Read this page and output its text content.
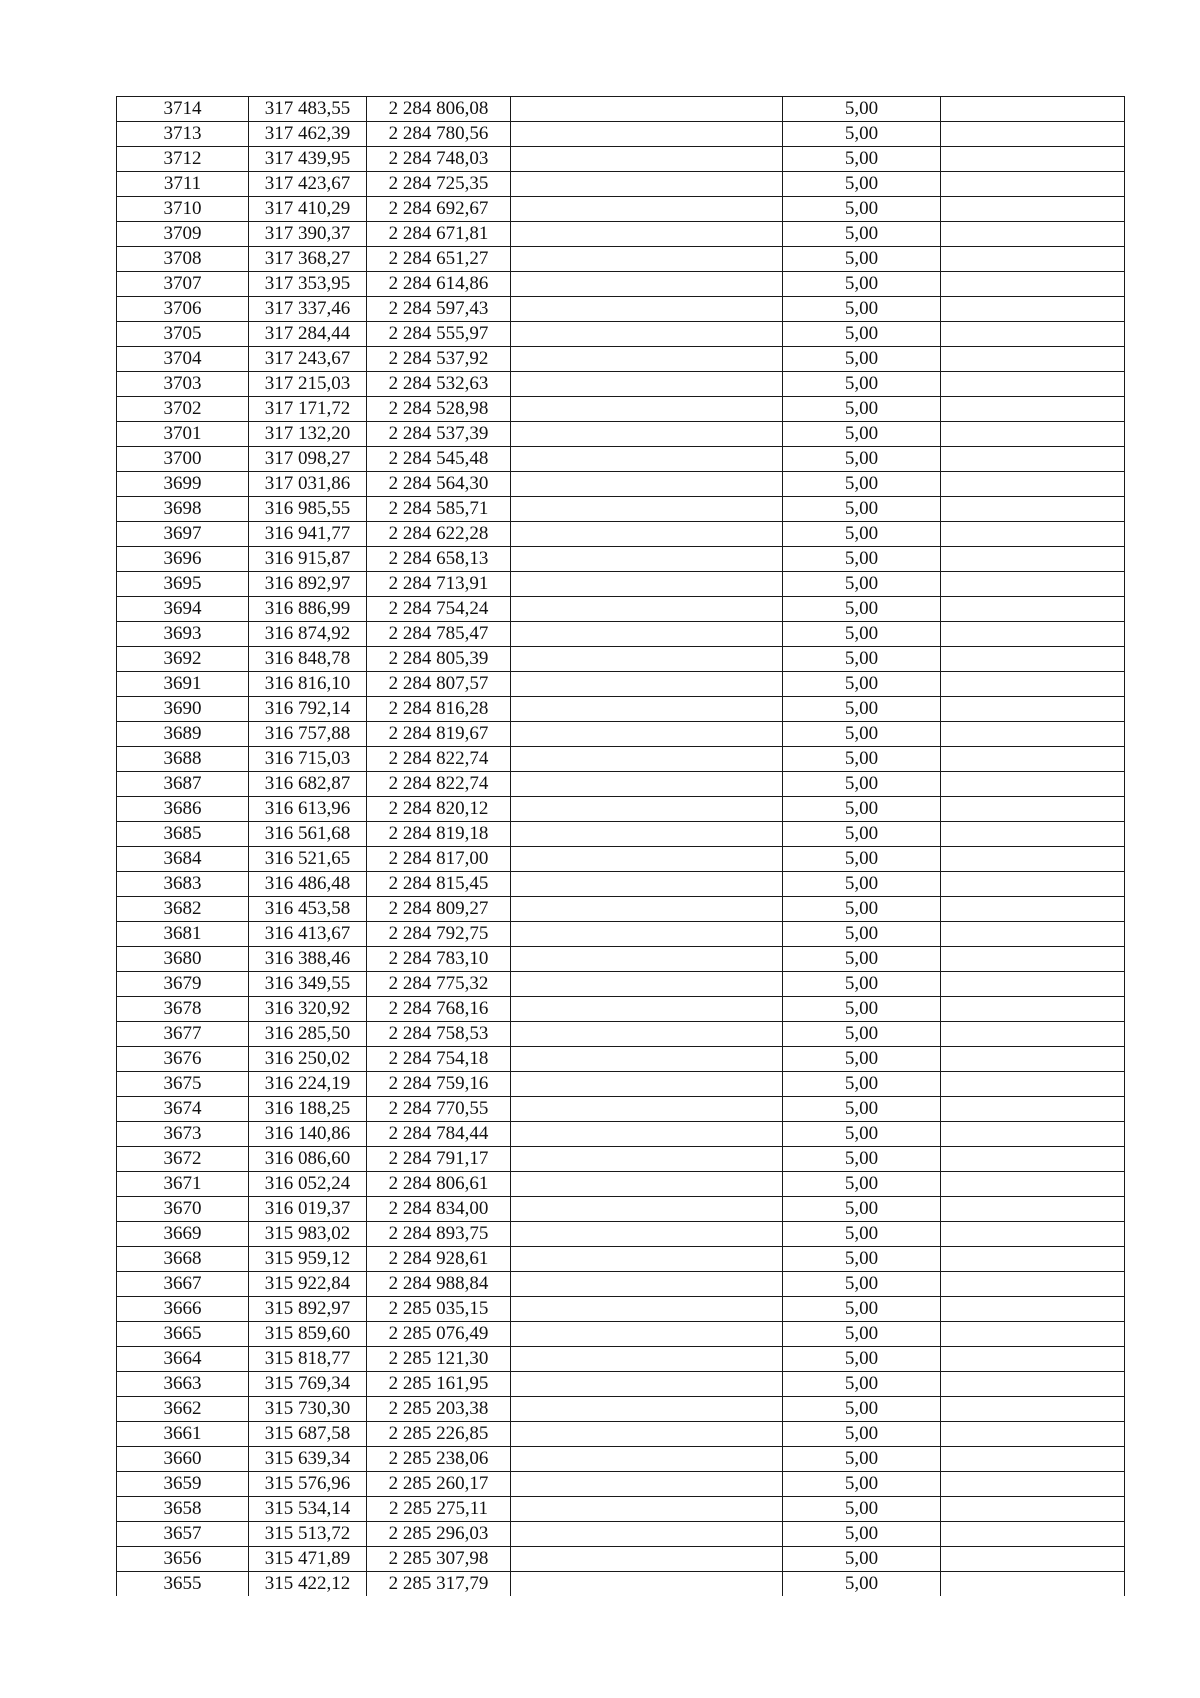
3714	317 483,55	2 284 806,08		5,00	
3713	317 462,39	2 284 780,56		5,00	
3712	317 439,95	2 284 748,03		5,00	
3711	317 423,67	2 284 725,35		5,00	
3710	317 410,29	2 284 692,67		5,00	
3709	317 390,37	2 284 671,81		5,00	
3708	317 368,27	2 284 651,27		5,00	
3707	317 353,95	2 284 614,86		5,00	
3706	317 337,46	2 284 597,43		5,00	
3705	317 284,44	2 284 555,97		5,00	
3704	317 243,67	2 284 537,92		5,00	
3703	317 215,03	2 284 532,63		5,00	
3702	317 171,72	2 284 528,98		5,00	
3701	317 132,20	2 284 537,39		5,00	
3700	317 098,27	2 284 545,48		5,00	
3699	317 031,86	2 284 564,30		5,00	
3698	316 985,55	2 284 585,71		5,00	
3697	316 941,77	2 284 622,28		5,00	
3696	316 915,87	2 284 658,13		5,00	
3695	316 892,97	2 284 713,91		5,00	
3694	316 886,99	2 284 754,24		5,00	
3693	316 874,92	2 284 785,47		5,00	
3692	316 848,78	2 284 805,39		5,00	
3691	316 816,10	2 284 807,57		5,00	
3690	316 792,14	2 284 816,28		5,00	
3689	316 757,88	2 284 819,67		5,00	
3688	316 715,03	2 284 822,74		5,00	
3687	316 682,87	2 284 822,74		5,00	
3686	316 613,96	2 284 820,12		5,00	
3685	316 561,68	2 284 819,18		5,00	
3684	316 521,65	2 284 817,00		5,00	
3683	316 486,48	2 284 815,45		5,00	
3682	316 453,58	2 284 809,27		5,00	
3681	316 413,67	2 284 792,75		5,00	
3680	316 388,46	2 284 783,10		5,00	
3679	316 349,55	2 284 775,32		5,00	
3678	316 320,92	2 284 768,16		5,00	
3677	316 285,50	2 284 758,53		5,00	
3676	316 250,02	2 284 754,18		5,00	
3675	316 224,19	2 284 759,16		5,00	
3674	316 188,25	2 284 770,55		5,00	
3673	316 140,86	2 284 784,44		5,00	
3672	316 086,60	2 284 791,17		5,00	
3671	316 052,24	2 284 806,61		5,00	
3670	316 019,37	2 284 834,00		5,00	
3669	315 983,02	2 284 893,75		5,00	
3668	315 959,12	2 284 928,61		5,00	
3667	315 922,84	2 284 988,84		5,00	
3666	315 892,97	2 285 035,15		5,00	
3665	315 859,60	2 285 076,49		5,00	
3664	315 818,77	2 285 121,30		5,00	
3663	315 769,34	2 285 161,95		5,00	
3662	315 730,30	2 285 203,38		5,00	
3661	315 687,58	2 285 226,85		5,00	
3660	315 639,34	2 285 238,06		5,00	
3659	315 576,96	2 285 260,17		5,00	
3658	315 534,14	2 285 275,11		5,00	
3657	315 513,72	2 285 296,03		5,00	
3656	315 471,89	2 285 307,98		5,00	
3655	315 422,12	2 285 317,79		5,00	
